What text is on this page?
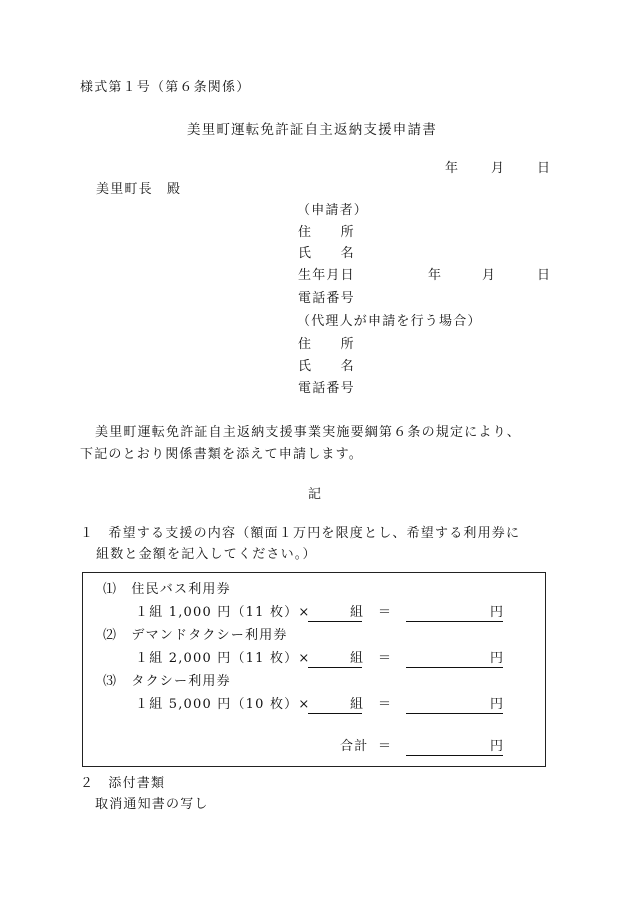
様式第１号（第６条関係）
美里町運転免許証自主返納支援申請書
年 月 日
美里町長　殿
（申請者）
住　　所
氏　　名
生年月日	年	月	日
電話番号
（代理人が申請を行う場合）
住　　所
氏　　名
電話番号
美里町運転免許証自主返納支援事業実施要綱第６条の規定により、
下記のとおり関係書類を添えて申請します。
記
１　希望する支援の内容（額面１万円を限度とし、希望する利用券に
組数と金額を記入してください。）
⑴　住民バス利用券
１組 1,000 円（11 枚）×	組 ＝	円
⑵　デマンドタクシー利用券
１組 2,000 円（11 枚）×	組 ＝	円
⑶　タクシー利用券
１組 5,000 円（10 枚）×	組 ＝	円
合計 ＝	円
２　添付書類
取消通知書の写し
